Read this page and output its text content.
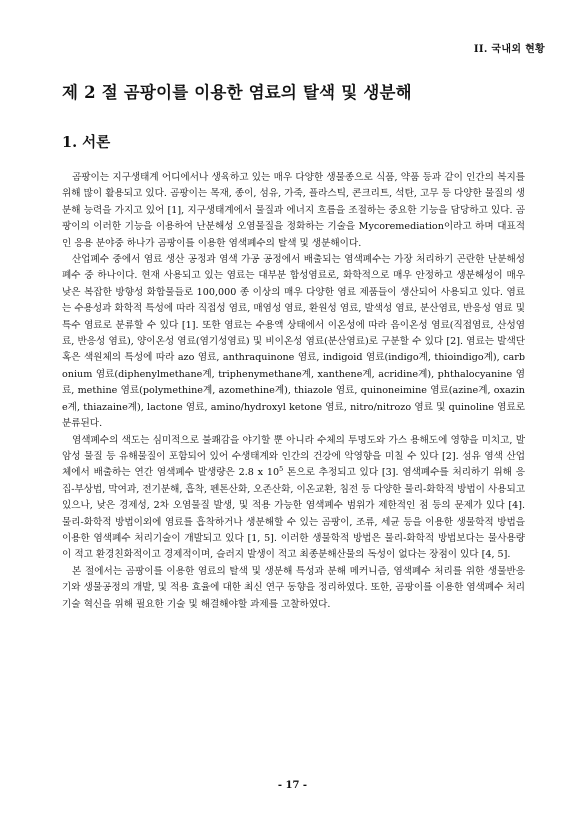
II. 국내외 현황
제 2 절 곰팡이를 이용한 염료의 탈색 및 생분해
1. 서론

곰팡이는 지구생태계 어디에서나 생육하고 있는 매우 다양한 생물종으로 식품, 약품 등과 같이 인간의 복지를 위해 많이 활용되고 있다. 곰팡이는 목재, 종이, 섬유, 가죽, 플라스틱, 콘크리트, 석탄, 고무 등 다양한 물질의 생분해 능력을 가지고 있어 [1], 지구생태계에서 물질과 에너지 흐름을 조절하는 중요한 기능을 담당하고 있다. 곰팡이의 이러한 기능을 이용하여 난분해성 오염물질을 정화하는 기술을 Mycoremediation이라고 하며 대표적인 응용 분야중 하나가 곰팡이를 이용한 염색폐수의 탈색 및 생분해이다.

산업폐수 중에서 염료 생산 공정과 염색 가공 공정에서 배출되는 염색폐수는 가장 처리하기 곤란한 난분해성 폐수 중 하나이다. 현재 사용되고 있는 염료는 대부분 합성염료로, 화학적으로 매우 안정하고 생분해성이 매우 낮은 복잡한 방향성 화합물들로 100,000 종 이상의 매우 다양한 염료 제품들이 생산되어 사용되고 있다. 염료는 수용성과 화학적 특성에 따라 직접성 염료, 매염성 염료, 환원성 염료, 발색성 염료, 분산염료, 반응성 염료 및 특수 염료로 분류할 수 있다 [1]. 또한 염료는 수용액 상태에서 이온성에 따라 음이온성 염료(직접염료, 산성염료, 반응성 염료), 양이온성 염료(염기성염료) 및 비이온성 염료(분산염료)로 구분할 수 있다 [2]. 염료는 발색단 혹은 색원체의 특성에 따라 azo 염료, anthraquinone 염료, indigoid 염료(indigo계, thioindigo계), carbonium 염료(diphenylmethane계, triphenymethane계, xanthene계, acridine계), phthalocyanine 염료, methine 염료(polymethine계, azomethine계), thiazole 염료, quinoneimine 염료(azine계, oxazine계, thiazaine계), lactone 염료, amino/hydroxyl ketone 염료, nitro/nitrozo 염료 및 quinoline 염료로 분류된다.

염색폐수의 색도는 심미적으로 불쾌감을 야기할 뿐 아니라 수체의 투명도와 가스 용해도에 영향을 미치고, 발암성 물질 등 유해물질이 포함되어 있어 수생태계와 인간의 건강에 악영향을 미칠 수 있다 [2]. 섬유 염색 산업체에서 배출하는 연간 염색폐수 발생량은 2.8 x $10^5$ 톤으로 추정되고 있다 [3]. 염색폐수를 처리하기 위해 응집-부상법, 막여과, 전기분해, 흡착, 펜톤산화, 오존산화, 이온교환, 침전 등 다양한 물리-화학적 방법이 사용되고 있으나, 낮은 경제성, 2차 오염물질 발생, 및 적용 가능한 염색폐수 범위가 제한적인 점 등의 문제가 있다 [4]. 물리-화학적 방법이외에 염료를 흡착하거나 생분해할 수 있는 곰팡이, 조류, 세균 등을 이용한 생물학적 방법을 이용한 염색폐수 처리기술이 개발되고 있다 [1, 5]. 이러한 생물학적 방법은 물리-화학적 방법보다는 물사용량이 적고 환경친화적이고 경제적이며, 슬러지 발생이 적고 최종분해산물의 독성이 없다는 장점이 있다 [4, 5].

본 절에서는 곰팡이를 이용한 염료의 탈색 및 생분해 특성과 분해 메커니즘, 염색폐수 처리를 위한 생물반응기와 생물공정의 개발, 및 적용 효율에 대한 최신 연구 동향을 정리하였다. 또한, 곰팡이를 이용한 염색폐수 처리기술 혁신을 위해 필요한 기술 및 해결해야할 과제를 고찰하였다.

- 17 -
